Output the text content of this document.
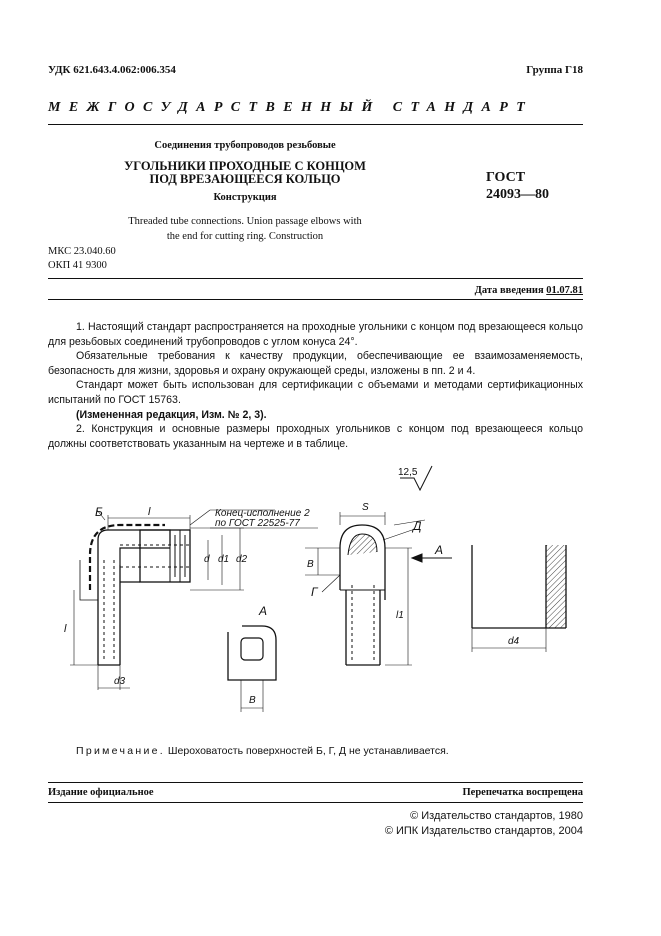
УДК 621.643.4.062:006.354	Группа Г18
МЕЖГОСУДАРСТВЕННЫЙ СТАНДАРТ
Соединения трубопроводов резьбовые
УГОЛЬНИКИ ПРОХОДНЫЕ С КОНЦОМ
ПОД ВРЕЗАЮЩЕЕСЯ КОЛЬЦО
Конструкция
ГОСТ
24093—80
Threaded tube connections. Union passage elbows with
the end for cutting ring. Construction
МКС 23.040.60
ОКП 41 9300
Дата введения 01.07.81

1. Настоящий стандарт распространяется на проходные угольники с концом под врезающееся кольцо для резьбовых соединений трубопроводов с углом конуса 24°.

Обязательные требования к качеству продукции, обеспечивающие ее взаимозаменяемость, безопасность для жизни, здоровья и охрану окружающей среды, изложены в пп. 2 и 4.

Стандарт может быть использован для сертификации с объемами и методами сертификационных испытаний по ГОСТ 15763.

(Измененная редакция, Изм. № 2, 3).

2. Конструкция и основные размеры проходных угольников с концом под врезающееся кольцо должны соответствовать указанным на чертеже и в таблице.

12,5
Б	l	Конец-исполнение 2
по ГОСТ 22525-77
d d1 d2
d3
l
A
B
S
Д
A
B
Г
l1
d4
Примечание. Шероховатость поверхностей Б, Г, Д не устанавливается.
Издание официальное	Перепечатка воспрещена
© Издательство стандартов, 1980
© ИПК Издательство стандартов, 2004
